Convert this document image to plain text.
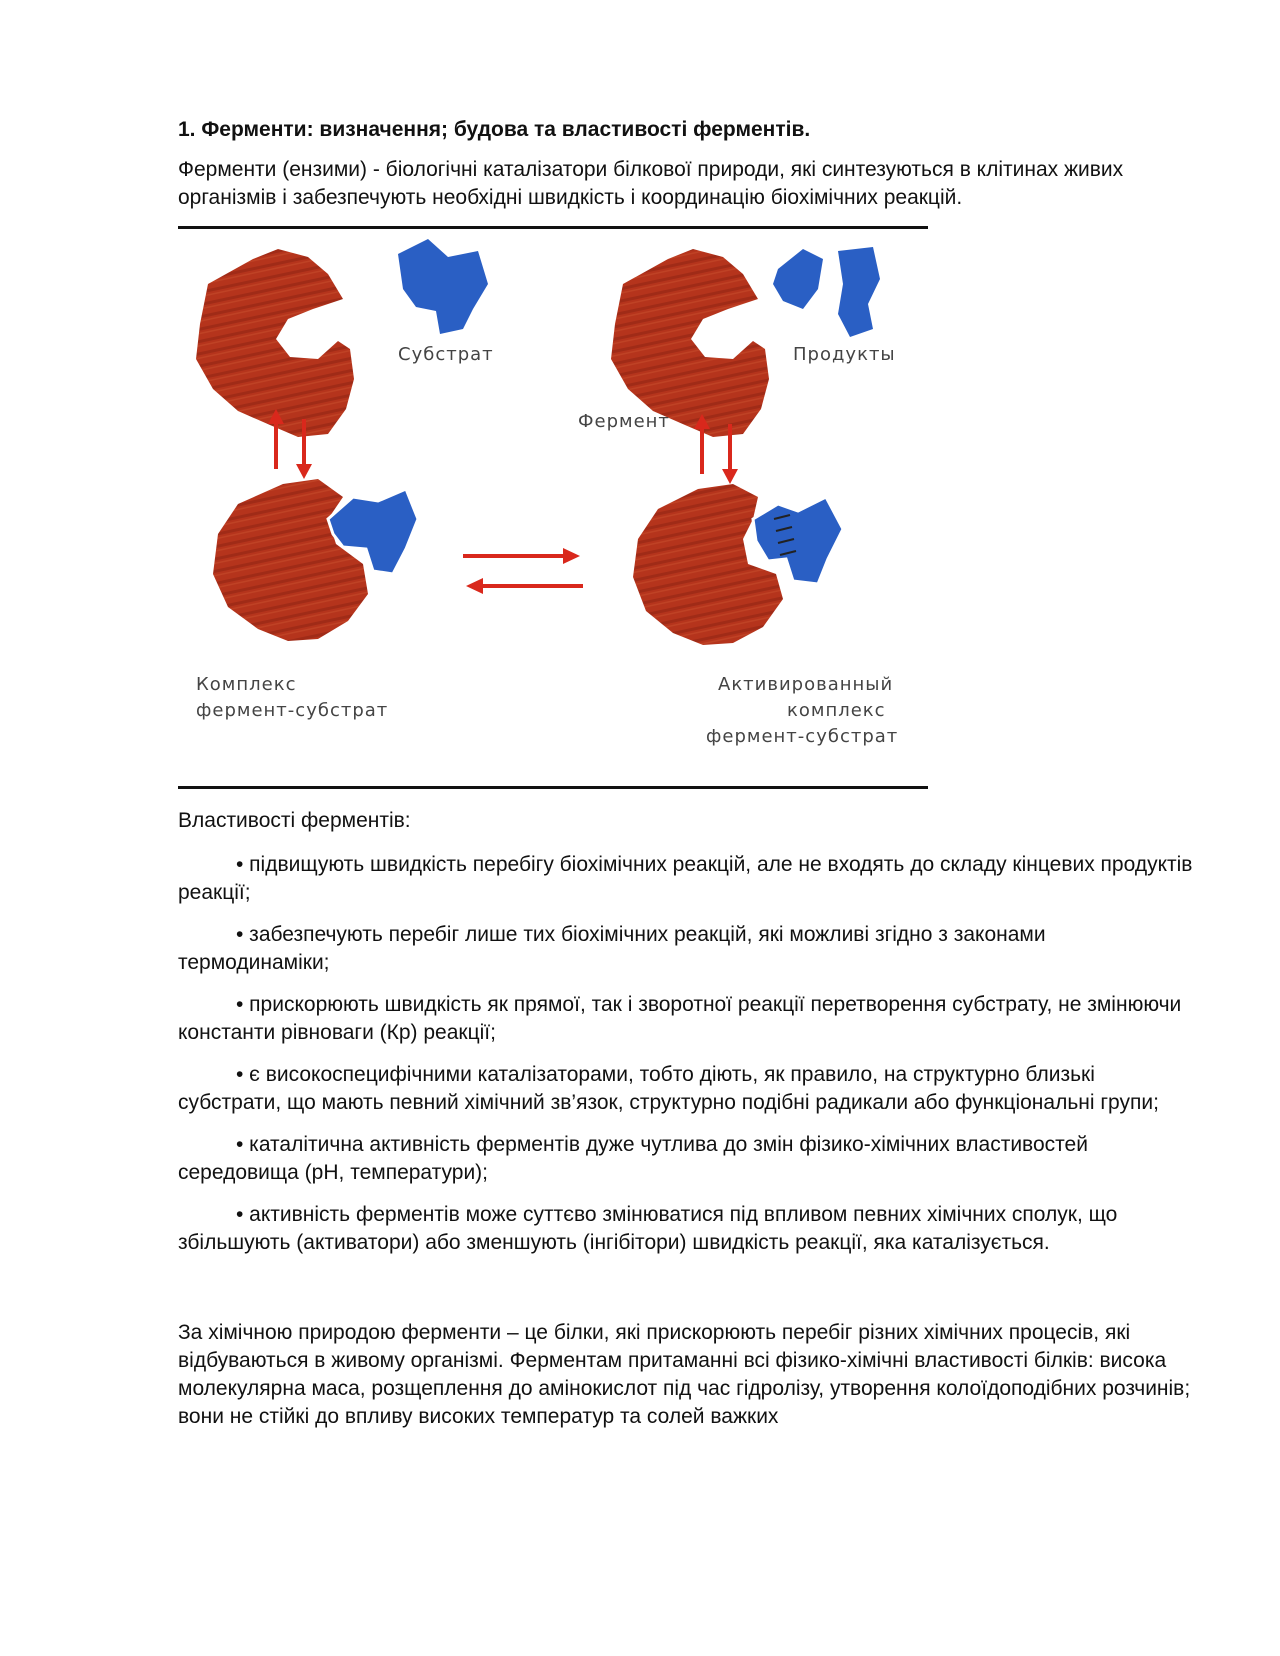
1. Ферменти: визначення; будова та властивості ферментів.

Ферменти (ензими) - біологічні каталізатори білкової природи, які синтезуються в клітинах живих організмів і забезпечують необхідні швидкість і координацію біохімічних реакцій.

Субстрат	Продукты
Фермент
Комплекс
фермент-субстрат
Активированный
комплекс
фермент-субстрат

Властивості ферментів:

• підвищують швидкість перебігу біохімічних реакцій, але не входять до складу кінцевих продуктів реакції;

• забезпечують перебіг лише тих біохімічних реакцій, які можливі згідно з законами термодинаміки;

• прискорюють швидкість як прямої, так і зворотної реакції перетворення субстрату, не змінюючи константи рівноваги (Кр) реакції;

• є високоспецифічними каталізаторами, тобто діють, як правило, на структурно близькі субстрати, що мають певний хімічний зв’язок, структурно подібні радикали або функціональні групи;

• каталітична активність ферментів дуже чутлива до змін фізико-хімічних властивостей середовища (рН, температури);

• активність ферментів може суттєво змінюватися під впливом певних хімічних сполук, що збільшують (активатори) або зменшують (інгібітори) швидкість реакції, яка каталізується.

За хімічною природою ферменти – це білки, які прискорюють перебіг різних хімічних процесів, які відбуваються в живому організмі. Ферментам притаманні всі фізико-хімічні властивості білків: висока молекулярна маса, розщеплення до амінокислот під час гідролізу, утворення колоїдоподібних розчинів; вони не стійкі до впливу високих температур та солей важких
